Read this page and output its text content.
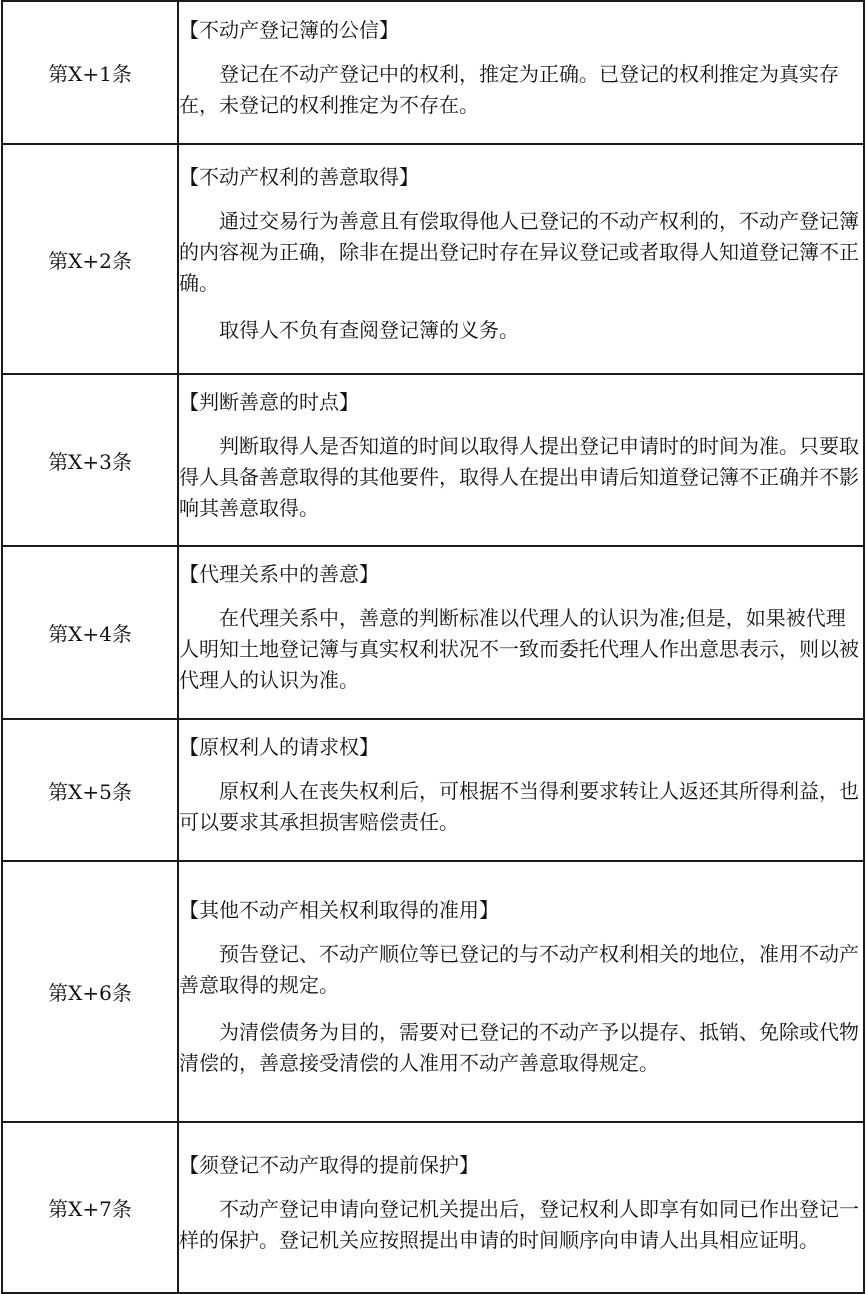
第X+1条	【不动产登记簿的公信】

登记在不动产登记中的权利，推定为正确。已登记的权利推定为真实存在，未登记的权利推定为不存在。

第X+2条	【不动产权利的善意取得】

通过交易行为善意且有偿取得他人已登记的不动产权利的，不动产登记簿的内容视为正确，除非在提出登记时存在异议登记或者取得人知道登记簿不正确。

取得人不负有查阅登记簿的义务。

第X+3条	【判断善意的时点】

判断取得人是否知道的时间以取得人提出登记申请时的时间为准。只要取得人具备善意取得的其他要件，取得人在提出申请后知道登记簿不正确并不影响其善意取得。

第X+4条	【代理关系中的善意】

在代理关系中，善意的判断标准以代理人的认识为准;但是，如果被代理人明知土地登记簿与真实权利状况不一致而委托代理人作出意思表示，则以被代理人的认识为准。

第X+5条	【原权利人的请求权】

原权利人在丧失权利后，可根据不当得利要求转让人返还其所得利益，也可以要求其承担损害赔偿责任。

第X+6条	【其他不动产相关权利取得的准用】

预告登记、不动产顺位等已登记的与不动产权利相关的地位，准用不动产善意取得的规定。

为清偿债务为目的，需要对已登记的不动产予以提存、抵销、免除或代物清偿的，善意接受清偿的人准用不动产善意取得规定。

第X+7条	【须登记不动产取得的提前保护】

不动产登记申请向登记机关提出后，登记权利人即享有如同已作出登记一样的保护。登记机关应按照提出申请的时间顺序向申请人出具相应证明。
